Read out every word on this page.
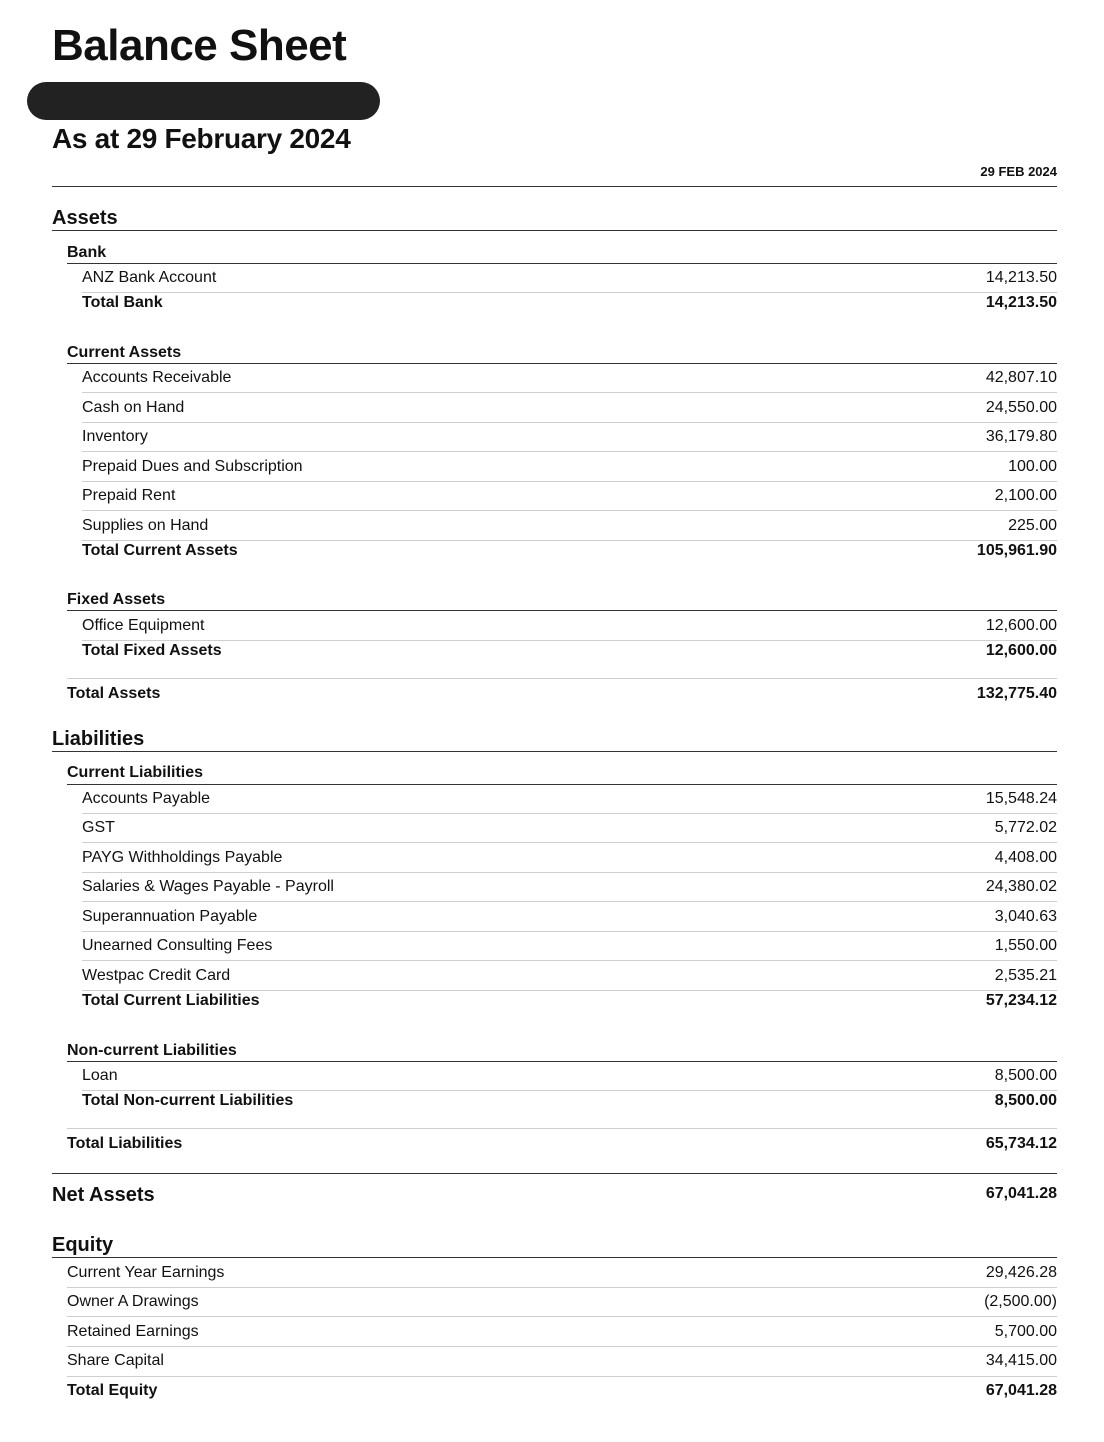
Balance Sheet
As at 29 February 2024
29 FEB 2024
Assets
Bank
ANZ Bank Account	14,213.50
Total Bank	14,213.50
Current Assets
Accounts Receivable	42,807.10
Cash on Hand	24,550.00
Inventory	36,179.80
Prepaid Dues and Subscription	100.00
Prepaid Rent	2,100.00
Supplies on Hand	225.00
Total Current Assets	105,961.90
Fixed Assets
Office Equipment	12,600.00
Total Fixed Assets	12,600.00
Total Assets	132,775.40
Liabilities
Current Liabilities
Accounts Payable	15,548.24
GST	5,772.02
PAYG Withholdings Payable	4,408.00
Salaries & Wages Payable - Payroll	24,380.02
Superannuation Payable	3,040.63
Unearned Consulting Fees	1,550.00
Westpac Credit Card	2,535.21
Total Current Liabilities	57,234.12
Non-current Liabilities
Loan	8,500.00
Total Non-current Liabilities	8,500.00
Total Liabilities	65,734.12
Net Assets	67,041.28
Equity
Current Year Earnings	29,426.28
Owner A Drawings	(2,500.00)
Retained Earnings	5,700.00
Share Capital	34,415.00
Total Equity	67,041.28
